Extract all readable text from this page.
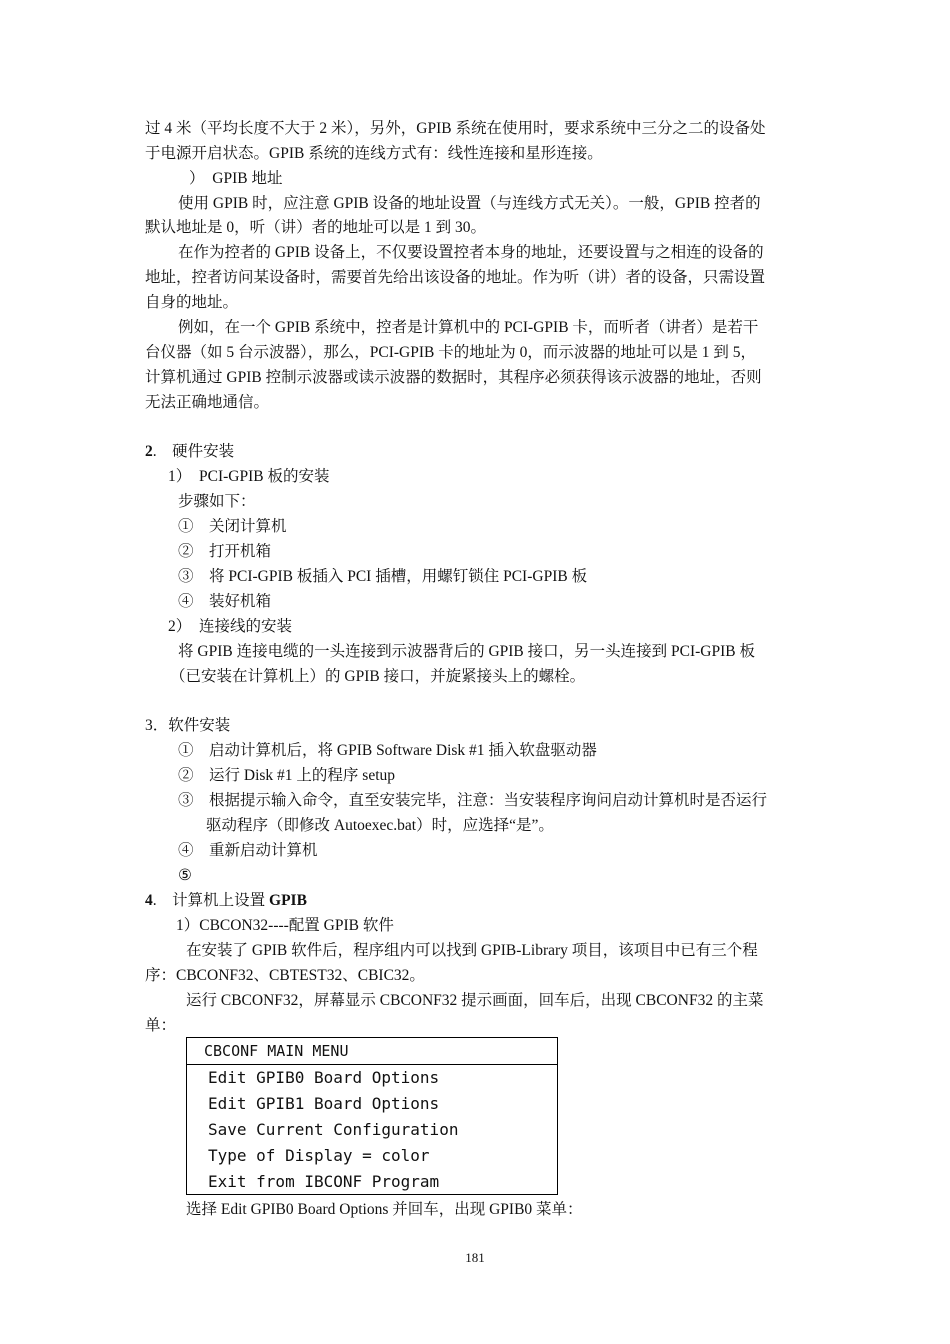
过 4 米（平均长度不大于 2 米），另外，GPIB 系统在使用时，要求系统中三分之二的设备处
于电源开启状态。GPIB 系统的连线方式有：线性连接和星形连接。
）　GPIB 地址
使用 GPIB 时，应注意 GPIB 设备的地址设置（与连线方式无关）。一般，GPIB 控者的
默认地址是 0，听（讲）者的地址可以是 1 到 30。
在作为控者的 GPIB 设备上，不仅要设置控者本身的地址，还要设置与之相连的设备的
地址，控者访问某设备时，需要首先给出该设备的地址。作为听（讲）者的设备，只需设置
自身的地址。
例如，在一个 GPIB 系统中，控者是计算机中的 PCI-GPIB 卡，而听者（讲者）是若干
台仪器（如 5 台示波器），那么，PCI-GPIB 卡的地址为 0，而示波器的地址可以是 1 到 5，
计算机通过 GPIB 控制示波器或读示波器的数据时，其程序必须获得该示波器的地址，否则
无法正确地通信。
2.　硬件安装
1）　PCI-GPIB 板的安装
步骤如下：
①　关闭计算机
②　打开机箱
③　将 PCI-GPIB 板插入 PCI 插槽，用螺钉锁住 PCI-GPIB 板
④　装好机箱
2）　连接线的安装
将 GPIB 连接电缆的一头连接到示波器背后的 GPIB 接口，另一头连接到 PCI-GPIB 板
（已安装在计算机上）的 GPIB 接口，并旋紧接头上的螺栓。
3．软件安装
①　启动计算机后，将 GPIB Software Disk #1 插入软盘驱动器
②　运行 Disk #1 上的程序 setup
③　根据提示输入命令，直至安装完毕，注意：当安装程序询问启动计算机时是否运行
驱动程序（即修改 Autoexec.bat）时，应选择“是”。
④　重新启动计算机
⑤
4.　计算机上设置 GPIB
1）CBCON32----配置 GPIB 软件
在安装了 GPIB 软件后，程序组内可以找到 GPIB-Library 项目，该项目中已有三个程
序：CBCONF32、CBTEST32、CBIC32。
运行 CBCONF32，屏幕显示 CBCONF32 提示画面，回车后，出现 CBCONF32 的主菜
单：
CBCONF MAIN MENU
Edit GPIB0 Board Options
Edit GPIB1 Board Options
Save Current Configuration
Type of Display = color
Exit from IBCONF Program
选择 Edit GPIB0 Board Options 并回车，出现 GPIB0 菜单：
181
